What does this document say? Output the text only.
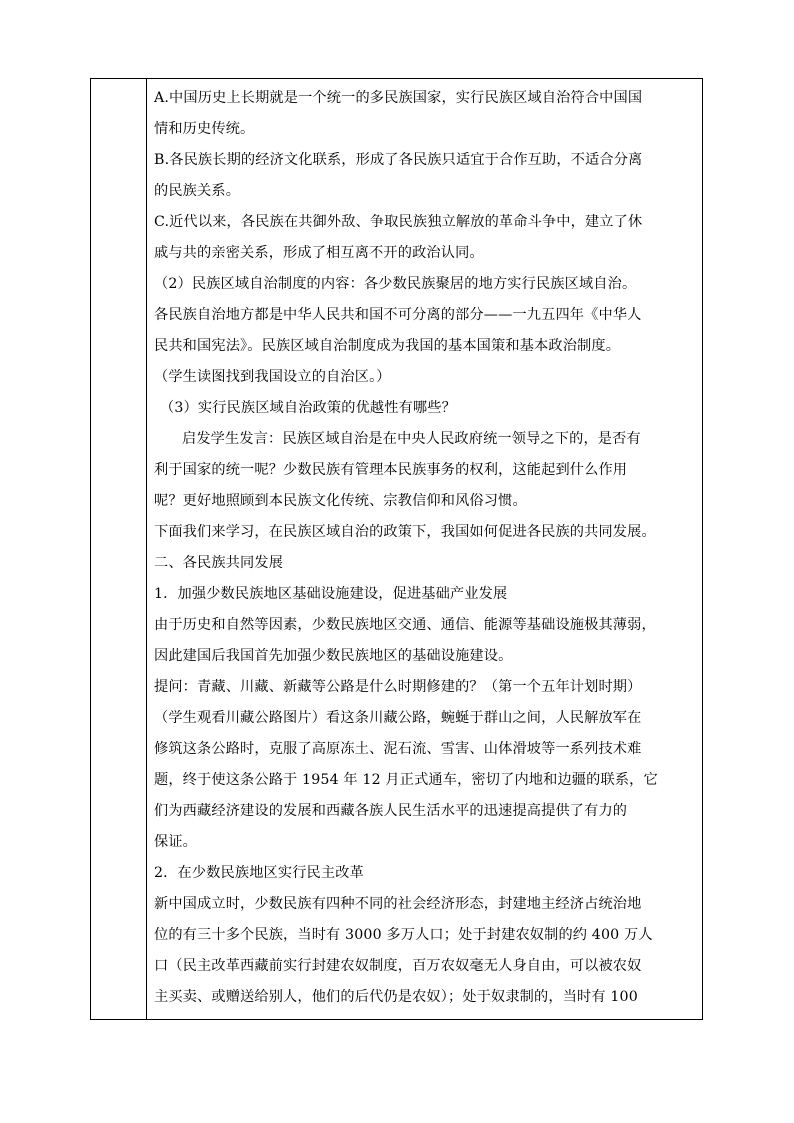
A.中国历史上长期就是一个统一的多民族国家，实行民族区域自治符合中国国
情和历史传统。
B.各民族长期的经济文化联系，形成了各民族只适宜于合作互助，不适合分离
的民族关系。
C.近代以来，各民族在共御外敌、争取民族独立解放的革命斗争中，建立了休
戚与共的亲密关系，形成了相互离不开的政治认同。
（2）民族区域自治制度的内容：各少数民族聚居的地方实行民族区域自治。
各民族自治地方都是中华人民共和国不可分离的部分——一九五四年《中华人
民共和国宪法》。民族区域自治制度成为我国的基本国策和基本政治制度。
（学生读图找到我国设立的自治区。）
（3）实行民族区域自治政策的优越性有哪些？
启发学生发言：民族区域自治是在中央人民政府统一领导之下的，是否有
利于国家的统一呢？少数民族有管理本民族事务的权利，这能起到什么作用
呢？更好地照顾到本民族文化传统、宗教信仰和风俗习惯。
下面我们来学习，在民族区域自治的政策下，我国如何促进各民族的共同发展。
二、各民族共同发展
1．加强少数民族地区基础设施建设，促进基础产业发展
由于历史和自然等因素，少数民族地区交通、通信、能源等基础设施极其薄弱，
因此建国后我国首先加强少数民族地区的基础设施建设。
提问：青藏、川藏、新藏等公路是什么时期修建的？（第一个五年计划时期）
（学生观看川藏公路图片）看这条川藏公路，蜿蜒于群山之间，人民解放军在
修筑这条公路时，克服了高原冻土、泥石流、雪害、山体滑坡等一系列技术难
题，终于使这条公路于 1954 年 12 月正式通车，密切了内地和边疆的联系，它
们为西藏经济建设的发展和西藏各族人民生活水平的迅速提高提供了有力的
保证。
2．在少数民族地区实行民主改革
新中国成立时，少数民族有四种不同的社会经济形态，封建地主经济占统治地
位的有三十多个民族，当时有 3000 多万人口；处于封建农奴制的约 400 万人
口（民主改革西藏前实行封建农奴制度，百万农奴毫无人身自由，可以被农奴
主买卖、或赠送给别人，他们的后代仍是农奴）；处于奴隶制的，当时有 100
